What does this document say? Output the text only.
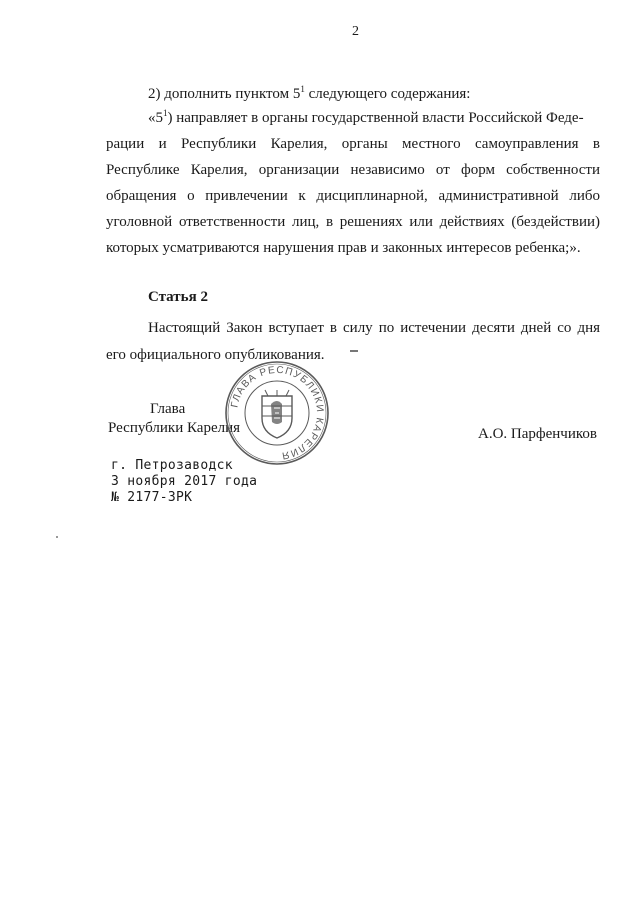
2
2) дополнить пунктом $5^1$ следующего содержания:
«$5^1$) направляет в органы государственной власти Российской Феде-
рации и Республики Карелия, органы местного самоуправления в Республике Карелия, организации независимо от форм собственности обращения о привлечении к дисциплинарной, административной либо уголовной ответственности лиц, в решениях или действиях (бездействии) которых усматриваются нарушения прав и законных интересов ребенка;».
Статья 2
Настоящий Закон вступает в силу по истечении десяти дней со дня его официального опубликования.
Глава
Республики Карелия	А.О. Парфенчиков
ГЛАВА РЕСПУБЛИКИ КАРЕЛИЯ
г. Петрозаводск
3 ноября 2017 года
№ 2177-ЗРК
